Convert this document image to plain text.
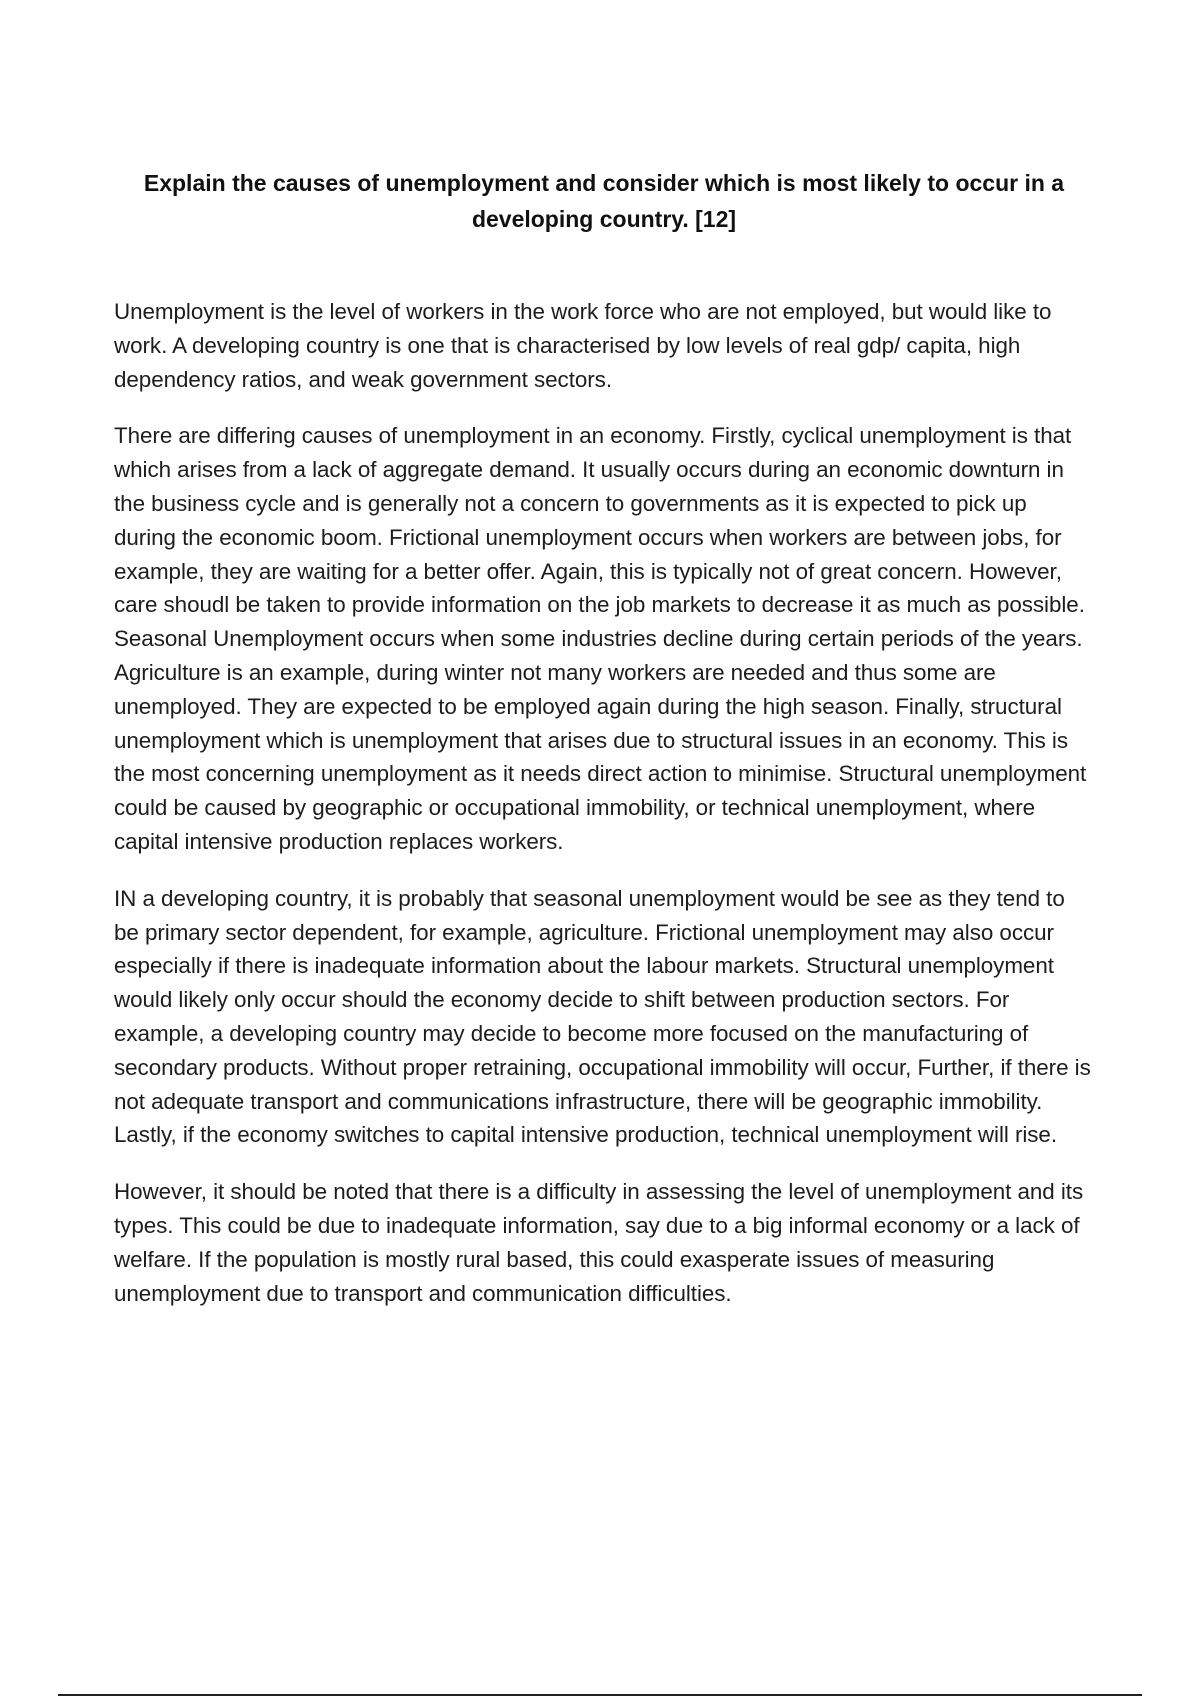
Explain the causes of unemployment and consider which is most likely to occur in a developing country. [12]

Unemployment is the level of workers in the work force who are not employed, but would like to work. A developing country is one that is characterised by low levels of real gdp/ capita, high dependency ratios, and weak government sectors.

There are differing causes of unemployment in an economy. Firstly, cyclical unemployment is that which arises from a lack of aggregate demand. It usually occurs during an economic downturn in the business cycle and is generally not a concern to governments as it is expected to pick up during the economic boom. Frictional unemployment occurs when workers are between jobs, for example, they are waiting for a better offer. Again, this is typically not of great concern. However, care shoudl be taken to provide information on the job markets to decrease it as much as possible. Seasonal Unemployment occurs when some industries decline during certain periods of the years. Agriculture is an example, during winter not many workers are needed and thus some are unemployed. They are expected to be employed again during the high season. Finally, structural unemployment which is unemployment that arises due to structural issues in an economy. This is the most concerning unemployment as it needs direct action to minimise. Structural unemployment could be caused by geographic or occupational immobility, or technical unemployment, where capital intensive production replaces workers.

IN a developing country, it is probably that seasonal unemployment would be see as they tend to be primary sector dependent, for example, agriculture. Frictional unemployment may also occur especially if there is inadequate information about the labour markets. Structural unemployment would likely only occur should the economy decide to shift between production sectors. For example, a developing country may decide to become more focused on the manufacturing of secondary products. Without proper retraining, occupational immobility will occur, Further, if there is not adequate transport and communications infrastructure, there will be geographic immobility. Lastly, if the economy switches to capital intensive production, technical unemployment will rise.

However, it should be noted that there is a difficulty in assessing the level of unemployment and its types. This could be due to inadequate information, say due to a big informal economy or a lack of welfare. If the population is mostly rural based, this could exasperate issues of measuring unemployment due to transport and communication difficulties.
